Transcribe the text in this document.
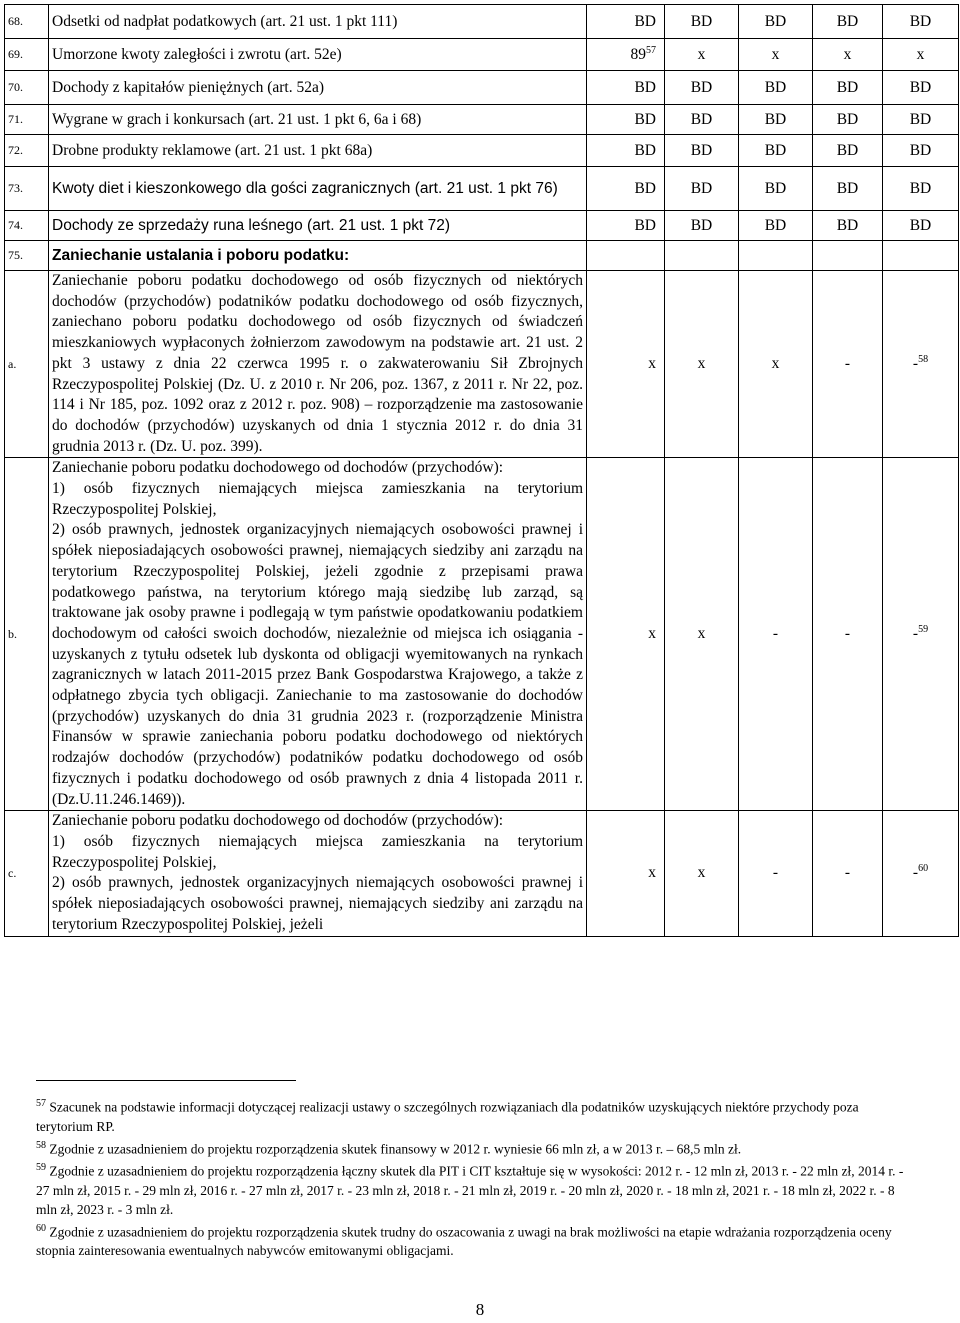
68.	Odsetki od nadpłat podatkowych (art. 21 ust. 1 pkt 111)	BD	BD	BD	BD	BD
69.	Umorzone kwoty zaległości i zwrotu (art. 52e)	89$^{57}$	x	x	x	x
70.	Dochody z kapitałów pieniężnych (art. 52a)	BD	BD	BD	BD	BD
71.	Wygrane w grach i konkursach (art. 21 ust. 1 pkt 6, 6a i 68)	BD	BD	BD	BD	BD
72.	Drobne produkty reklamowe (art. 21 ust. 1 pkt 68a)	BD	BD	BD	BD	BD
73.	Kwoty diet i kieszonkowego dla gości zagranicznych (art. 21 ust. 1 pkt 76)	BD	BD	BD	BD	BD
74.	Dochody ze sprzedaży runa leśnego (art. 21 ust. 1 pkt 72)	BD	BD	BD	BD	BD
75.	Zaniechanie ustalania i poboru podatku:					
a.	Zaniechanie poboru podatku dochodowego od osób fizycznych od niektórych dochodów (przychodów) podatników podatku dochodowego od osób fizycznych, zaniechano poboru podatku dochodowego od osób fizycznych od świadczeń mieszkaniowych wypłaconych żołnierzom zawodowym na podstawie art. 21 ust. 2 pkt 3 ustawy z dnia 22 czerwca 1995 r. o zakwaterowaniu Sił Zbrojnych Rzeczypospolitej Polskiej (Dz. U. z 2010 r. Nr 206, poz. 1367, z 2011 r. Nr 22, poz. 114 i Nr 185, poz. 1092 oraz z 2012 r. poz. 908) – rozporządzenie ma zastosowanie do dochodów (przychodów) uzyskanych od dnia 1 stycznia 2012 r. do dnia 31 grudnia 2013 r. (Dz. U. poz. 399).	x	x	x	-	-$^{58}$
b.	Zaniechanie poboru podatku dochodowego od dochodów (przychodów):
1) osób fizycznych niemających miejsca zamieszkania na terytorium Rzeczypospolitej Polskiej,
2) osób prawnych, jednostek organizacyjnych niemających osobowości prawnej i spółek nieposiadających osobowości prawnej, niemających siedziby ani zarządu na terytorium Rzeczypospolitej Polskiej, jeżeli zgodnie z przepisami prawa podatkowego państwa, na terytorium którego mają siedzibę lub zarząd, są traktowane jak osoby prawne i podlegają w tym państwie opodatkowaniu podatkiem dochodowym od całości swoich dochodów, niezależnie od miejsca ich osiągania - uzyskanych z tytułu odsetek lub dyskonta od obligacji wyemitowanych na rynkach zagranicznych w latach 2011-2015 przez Bank Gospodarstwa Krajowego, a także z odpłatnego zbycia tych obligacji. Zaniechanie to ma zastosowanie do dochodów (przychodów) uzyskanych do dnia 31 grudnia 2023 r. (rozporządzenie Ministra Finansów w sprawie zaniechania poboru podatku dochodowego od niektórych rodzajów dochodów (przychodów) podatników podatku dochodowego od osób fizycznych i podatku dochodowego od osób prawnych z dnia 4 listopada 2011 r. (Dz.U.11.246.1469)).	x	x	-	-	-$^{59}$
c.	Zaniechanie poboru podatku dochodowego od dochodów (przychodów):
1) osób fizycznych niemających miejsca zamieszkania na terytorium Rzeczypospolitej Polskiej,
2) osób prawnych, jednostek organizacyjnych niemających osobowości prawnej i spółek nieposiadających osobowości prawnej, niemających siedziby ani zarządu na terytorium Rzeczypospolitej Polskiej, jeżeli	x	x	-	-	-$^{60}$

$^{57}$ Szacunek na podstawie informacji dotyczącej realizacji ustawy o szczególnych rozwiązaniach dla podatników uzyskujących niektóre przychody poza terytorium RP.

$^{58}$ Zgodnie z uzasadnieniem do projektu rozporządzenia skutek finansowy w 2012 r. wyniesie 66 mln zł, a w 2013 r. – 68,5 mln zł.

$^{59}$ Zgodnie z uzasadnieniem do projektu rozporządzenia łączny skutek dla PIT i CIT kształtuje się w wysokości: 2012 r. - 12 mln zł, 2013 r. - 22 mln zł, 2014 r. - 27 mln zł, 2015 r. - 29 mln zł, 2016 r. - 27 mln zł, 2017 r. - 23 mln zł, 2018 r. - 21 mln zł, 2019 r. - 20 mln zł, 2020 r. - 18 mln zł, 2021 r. - 18 mln zł, 2022 r. - 8 mln zł, 2023 r. - 3 mln zł.

$^{60}$ Zgodnie z uzasadnieniem do projektu rozporządzenia skutek trudny do oszacowania z uwagi na brak możliwości na etapie wdrażania rozporządzenia oceny stopnia zainteresowania ewentualnych nabywców emitowanymi obligacjami.

8
